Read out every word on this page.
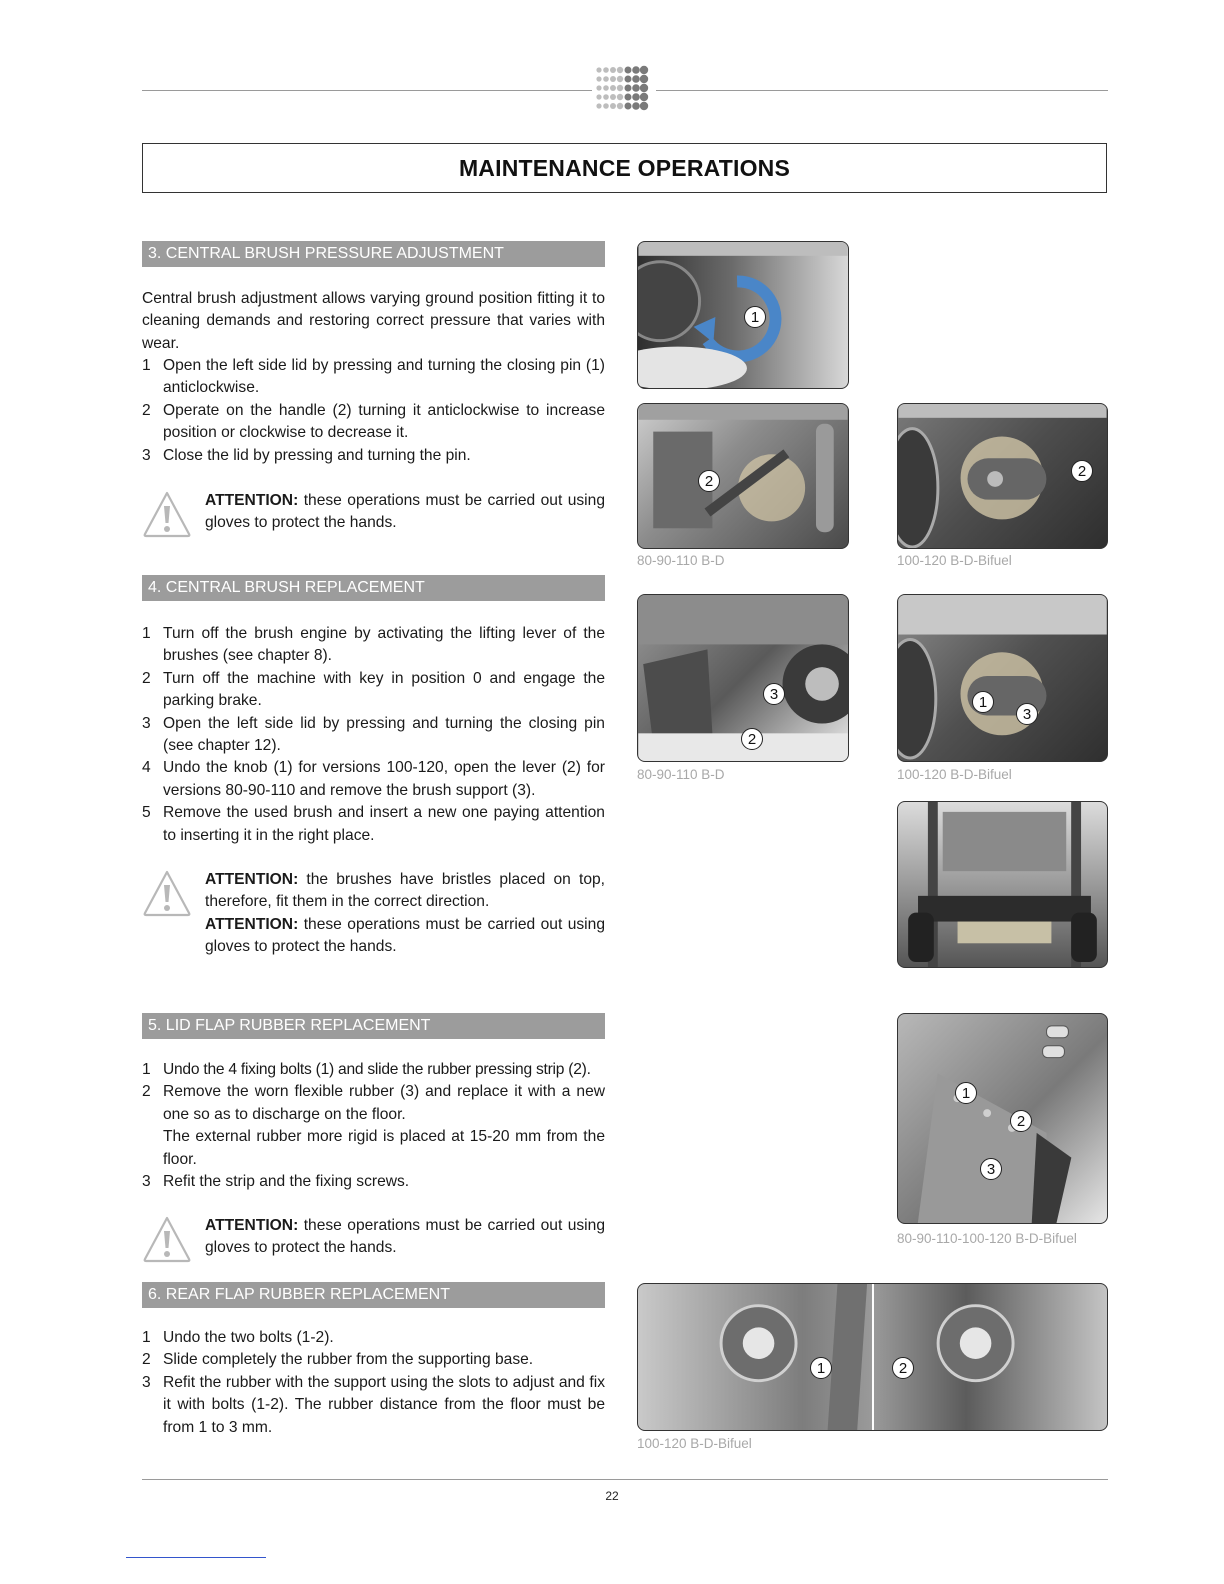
MAINTENANCE OPERATIONS
3. CENTRAL BRUSH PRESSURE ADJUSTMENT
Central brush adjustment allows varying ground position fitting it to cleaning demands and restoring correct pressure that varies with wear.
1 Open the left side lid by pressing and turning the closing pin (1) anticlockwise.
2 Operate on the handle (2) turning it anticlockwise to increase position or clockwise to decrease it.
3 Close the lid by pressing and turning the pin.
ATTENTION: these operations must be carried out using gloves to protect the hands.
4. CENTRAL BRUSH REPLACEMENT
1 Turn off the brush engine by activating the lifting lever of the brushes (see chapter 8).
2 Turn off the machine with key in position 0 and engage the parking brake.
3 Open the left side lid by pressing and turning the closing pin (see chapter 12).
4 Undo the knob (1) for versions 100-120, open the lever (2) for versions 80-90-110 and remove the brush support (3).
5 Remove the used brush and insert a new one paying attention to inserting it in the right place.
ATTENTION: the brushes have bristles placed on top, therefore, fit them in the correct direction.
ATTENTION: these operations must be carried out using gloves to protect the hands.
5. LID FLAP RUBBER REPLACEMENT
1 Undo the 4 fixing bolts (1) and slide the rubber pressing strip (2).
2 Remove the worn flexible rubber (3) and replace it with a new one so as to discharge on the floor.
The external rubber more rigid is placed at 15-20 mm from the floor.
3 Refit the strip and the fixing screws.
ATTENTION: these operations must be carried out using gloves to protect the hands.
6. REAR FLAP RUBBER REPLACEMENT
1 Undo the two bolts (1-2).
2 Slide completely the rubber from the supporting base.
3 Refit the rubber with the support using the slots to adjust and fix it with bolts (1-2). The rubber distance from the floor must be from 1 to 3 mm.
1
2
80-90-110 B-D
2
100-120 B-D-Bifuel
3
2
80-90-110 B-D
1
3
100-120 B-D-Bifuel
1
2
3
80-90-110-100-120 B-D-Bifuel
1	2
100-120 B-D-Bifuel
22
